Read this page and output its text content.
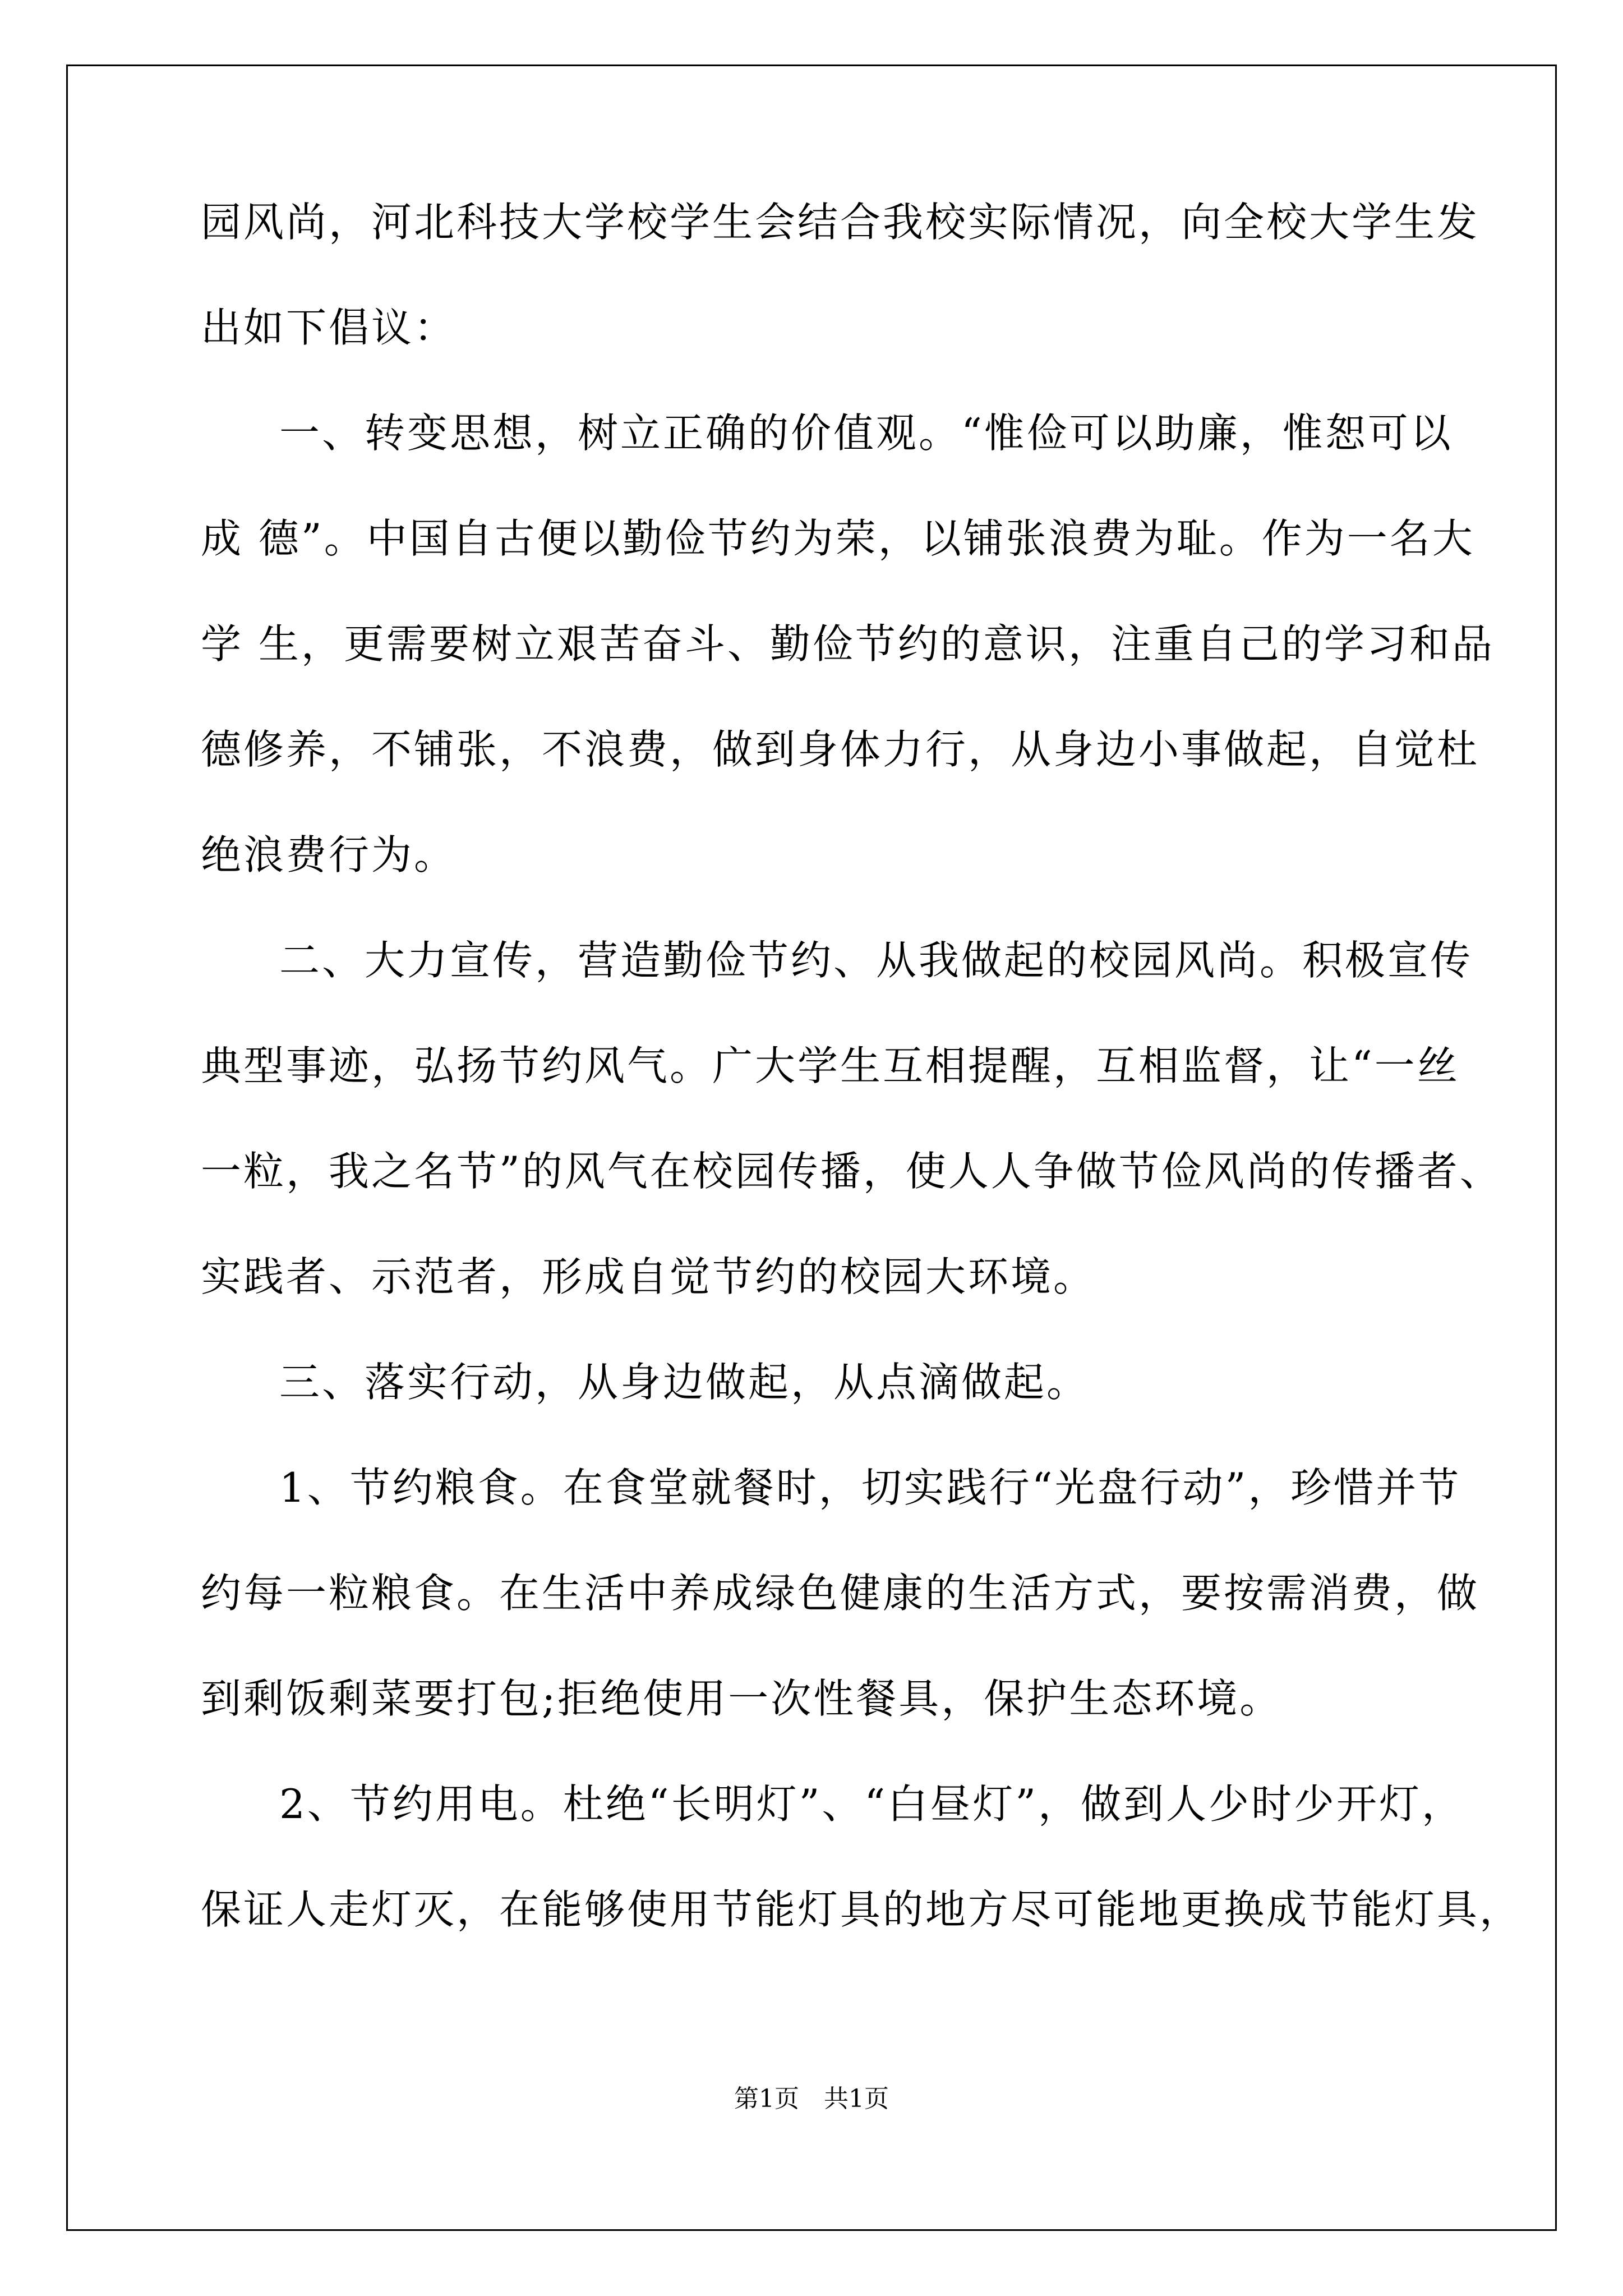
园风尚，河北科技大学校学生会结合我校实际情况，向全校大学生发
出如下倡议：
一、转变思想，树立正确的价值观。“惟俭可以助廉，惟恕可以
成 德”。中国自古便以勤俭节约为荣，以铺张浪费为耻。作为一名大
学 生，更需要树立艰苦奋斗、勤俭节约的意识，注重自己的学习和品
德修养，不铺张，不浪费，做到身体力行，从身边小事做起，自觉杜
绝浪费行为。
二、大力宣传，营造勤俭节约、从我做起的校园风尚。积极宣传
典型事迹，弘扬节约风气。广大学生互相提醒，互相监督，让“一丝
一粒，我之名节”的风气在校园传播，使人人争做节俭风尚的传播者、
实践者、示范者，形成自觉节约的校园大环境。
三、落实行动，从身边做起，从点滴做起。
1、节约粮食。在食堂就餐时，切实践行“光盘行动”，珍惜并节
约每一粒粮食。在生活中养成绿色健康的生活方式，要按需消费，做
到剩饭剩菜要打包;拒绝使用一次性餐具，保护生态环境。
2、节约用电。杜绝“长明灯”、“白昼灯”，做到人少时少开灯，
保证人走灯灭，在能够使用节能灯具的地方尽可能地更换成节能灯具，
第1页　共1页
